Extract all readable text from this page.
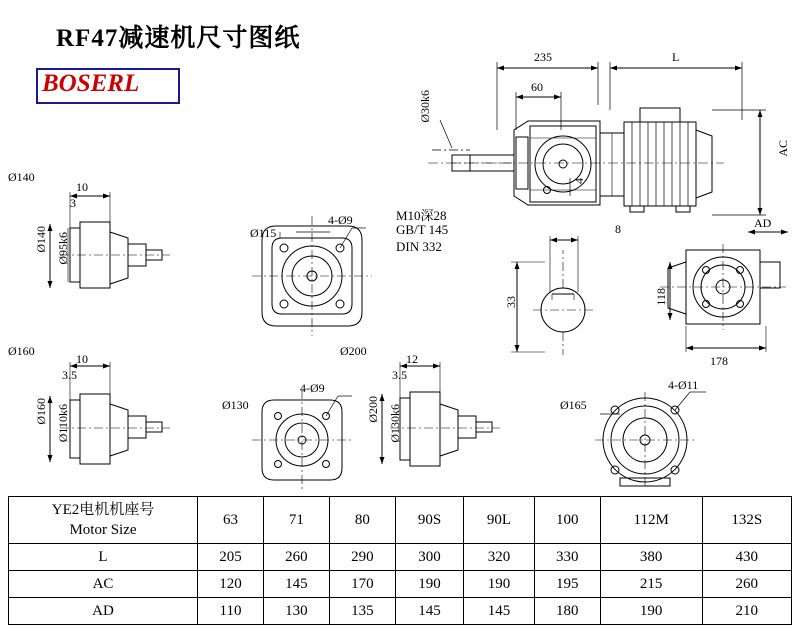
RF47减速机尺寸图纸
BOSERL
235	L
60
Ø30k6
AC
AD
4
8
33	118
178
M10深28
GB/T 145
DIN 332
Ø140
10
3
Ø140 Ø95k6	Ø115
4-Ø9
Ø160
10
3.5
Ø160 Ø110k6	Ø130
4-Ø9
Ø200
12
3.5
Ø200 Ø130k6	Ø165
4-Ø11
YE2电机机座号
Motor Size	63	71	80	90S	90L	100	112M	132S
L	205	260	290	300	320	330	380	430
AC	120	145	170	190	190	195	215	260
AD	110	130	135	145	145	180	190	210
